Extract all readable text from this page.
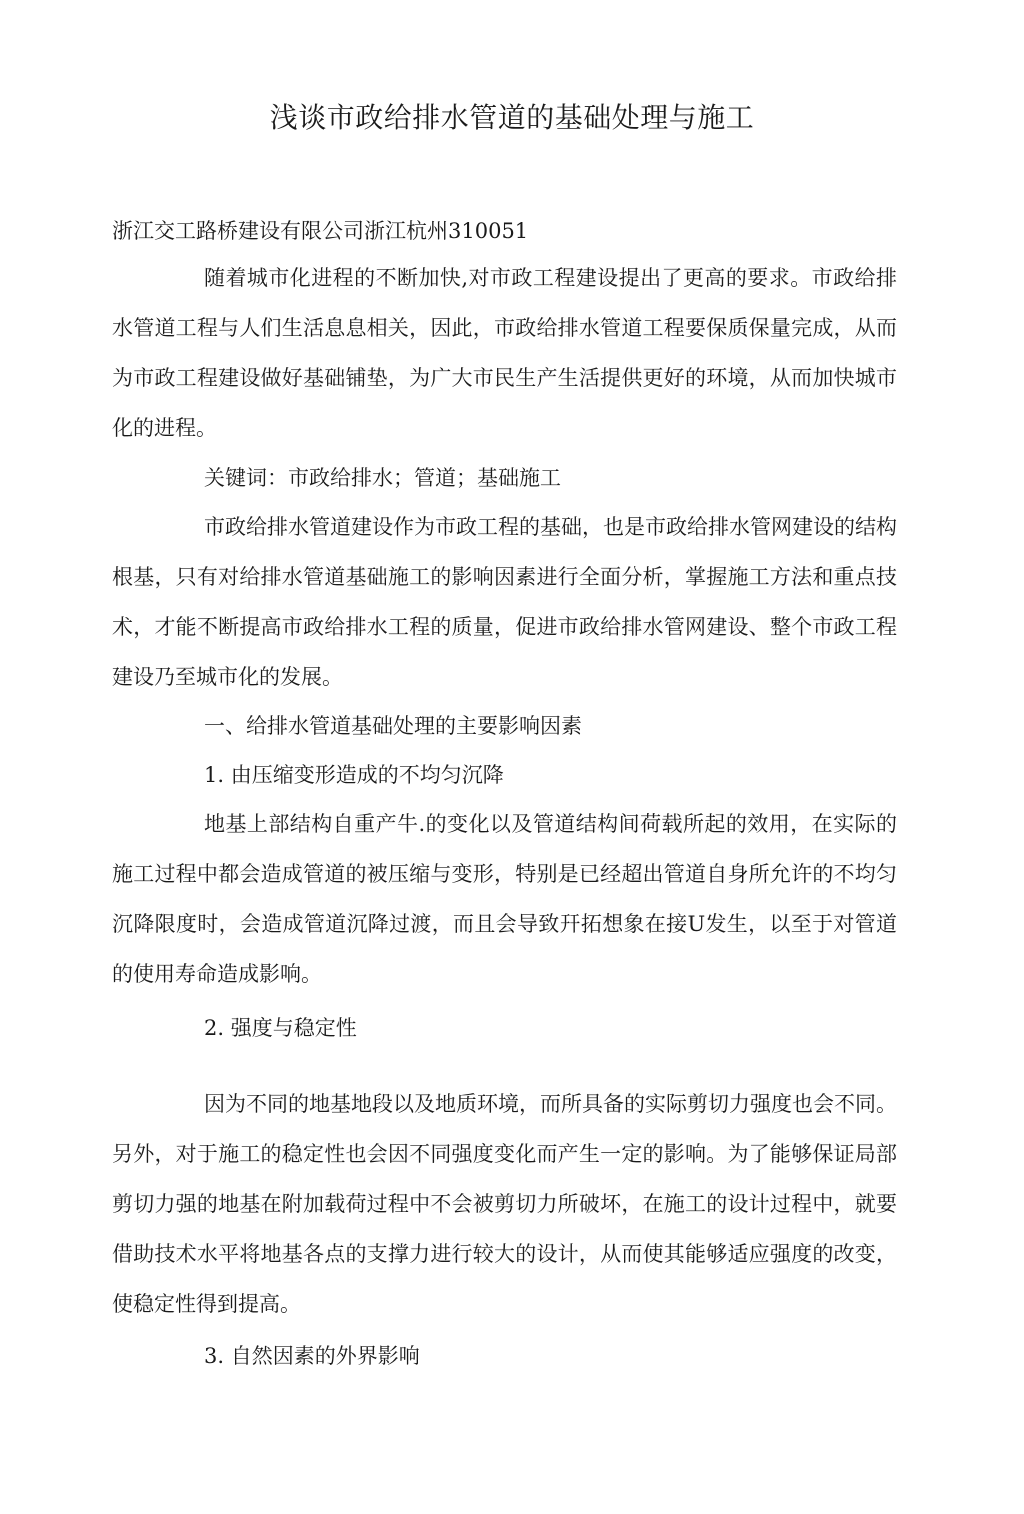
浅谈市政给排水管道的基础处理与施工

浙江交工路桥建设有限公司浙江杭州310051

随着城市化进程的不断加快,对市政工程建设提出了更高的要求。市政给排水管道工程与人们生活息息相关，因此，市政给排水管道工程要保质保量完成，从而为市政工程建设做好基础铺垫，为广大市民生产生活提供更好的环境，从而加快城市化的进程。

关键词：市政给排水；管道；基础施工

市政给排水管道建设作为市政工程的基础，也是市政给排水管网建设的结构根基，只有对给排水管道基础施工的影响因素进行全面分析，掌握施工方法和重点技术，才能不断提高市政给排水工程的质量，促进市政给排水管网建设、整个市政工程建设乃至城市化的发展。

一、给排水管道基础处理的主要影响因素

1. 由压缩变形造成的不均匀沉降

地基上部结构自重产牛.的变化以及管道结构间荷载所起的效用，在实际的施工过程中都会造成管道的被压缩与变形，特别是已经超出管道自身所允许的不均匀沉降限度时，会造成管道沉降过渡，而且会导致幵拓想象在接U发生，以至于对管道的使用寿命造成影响。

2. 强度与稳定性

因为不同的地基地段以及地质环境，而所具备的实际剪切力强度也会不同。另外，对于施工的稳定性也会因不同强度变化而产生一定的影响。为了能够保证局部剪切力强的地基在附加载荷过程中不会被剪切力所破坏，在施工的设计过程中，就要借助技术水平将地基各点的支撑力进行较大的设计，从而使其能够适应强度的改变，使稳定性得到提高。

3. 自然因素的外界影响
